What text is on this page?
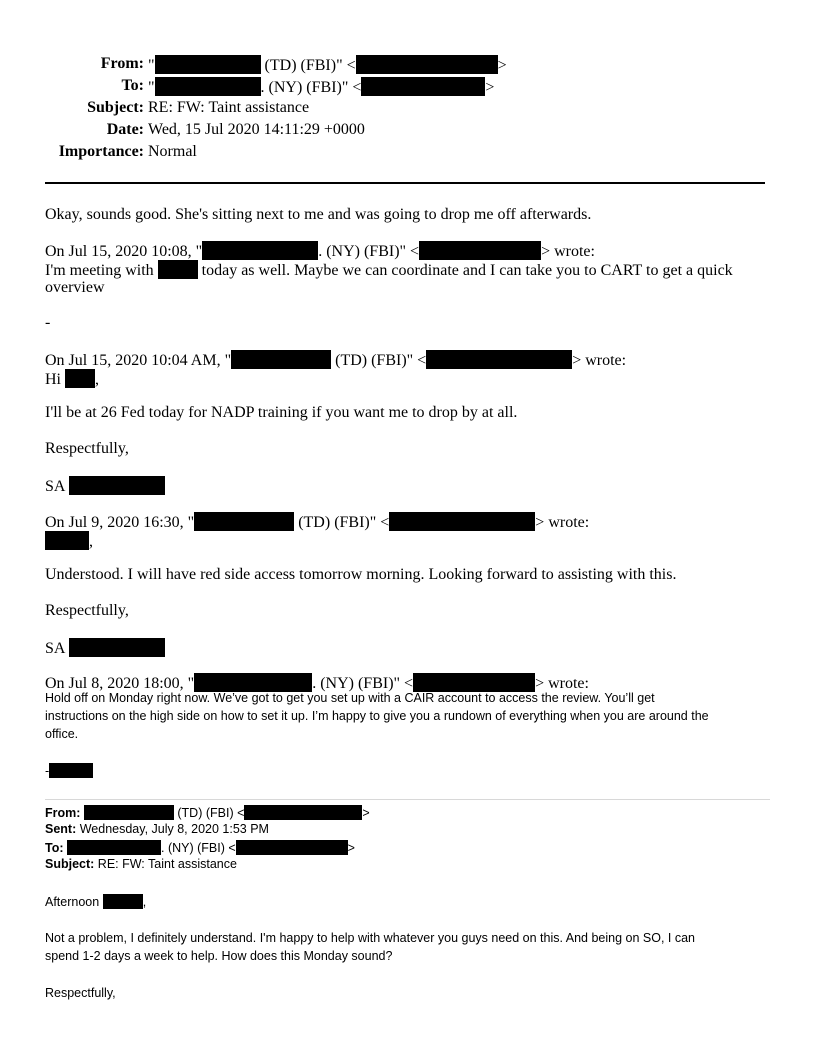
From: "	(TD) (FBI)" <	>
To: "	. (NY) (FBI)" <	>
Subject: RE: FW: Taint assistance
Date: Wed, 15 Jul 2020 14:11:29 +0000
Importance: Normal
Okay, sounds good. She's sitting next to me and was going to drop me off afterwards.
On Jul 15, 2020 10:08, "	. (NY) (FBI)" <	> wrote:
I'm meeting with	today as well. Maybe we can coordinate and I can take you to CART to get a quick
overview
-
On Jul 15, 2020 10:04 AM, "	(TD) (FBI)" <	> wrote:
Hi ,
I'll be at 26 Fed today for NADP training if you want me to drop by at all.
Respectfully,
SA
On Jul 9, 2020 16:30, "	(TD) (FBI)" <	> wrote:
,
Understood. I will have red side access tomorrow morning. Looking forward to assisting with this.
Respectfully,
SA
On Jul 8, 2020 18:00, "	. (NY) (FBI)" <	> wrote:
Hold off on Monday right now. We’ve got to get you set up with a CAIR account to access the review. You’ll get
instructions on the high side on how to set it up. I’m happy to give you a rundown of everything when you are around the
office.
-
From:	(TD) (FBI) <	>
Sent: Wednesday, July 8, 2020 1:53 PM
To:	. (NY) (FBI) <	>
Subject: RE: FW: Taint assistance
Afternoon	,
Not a problem, I definitely understand. I'm happy to help with whatever you guys need on this. And being on SO, I can
spend 1-2 days a week to help. How does this Monday sound?
Respectfully,
